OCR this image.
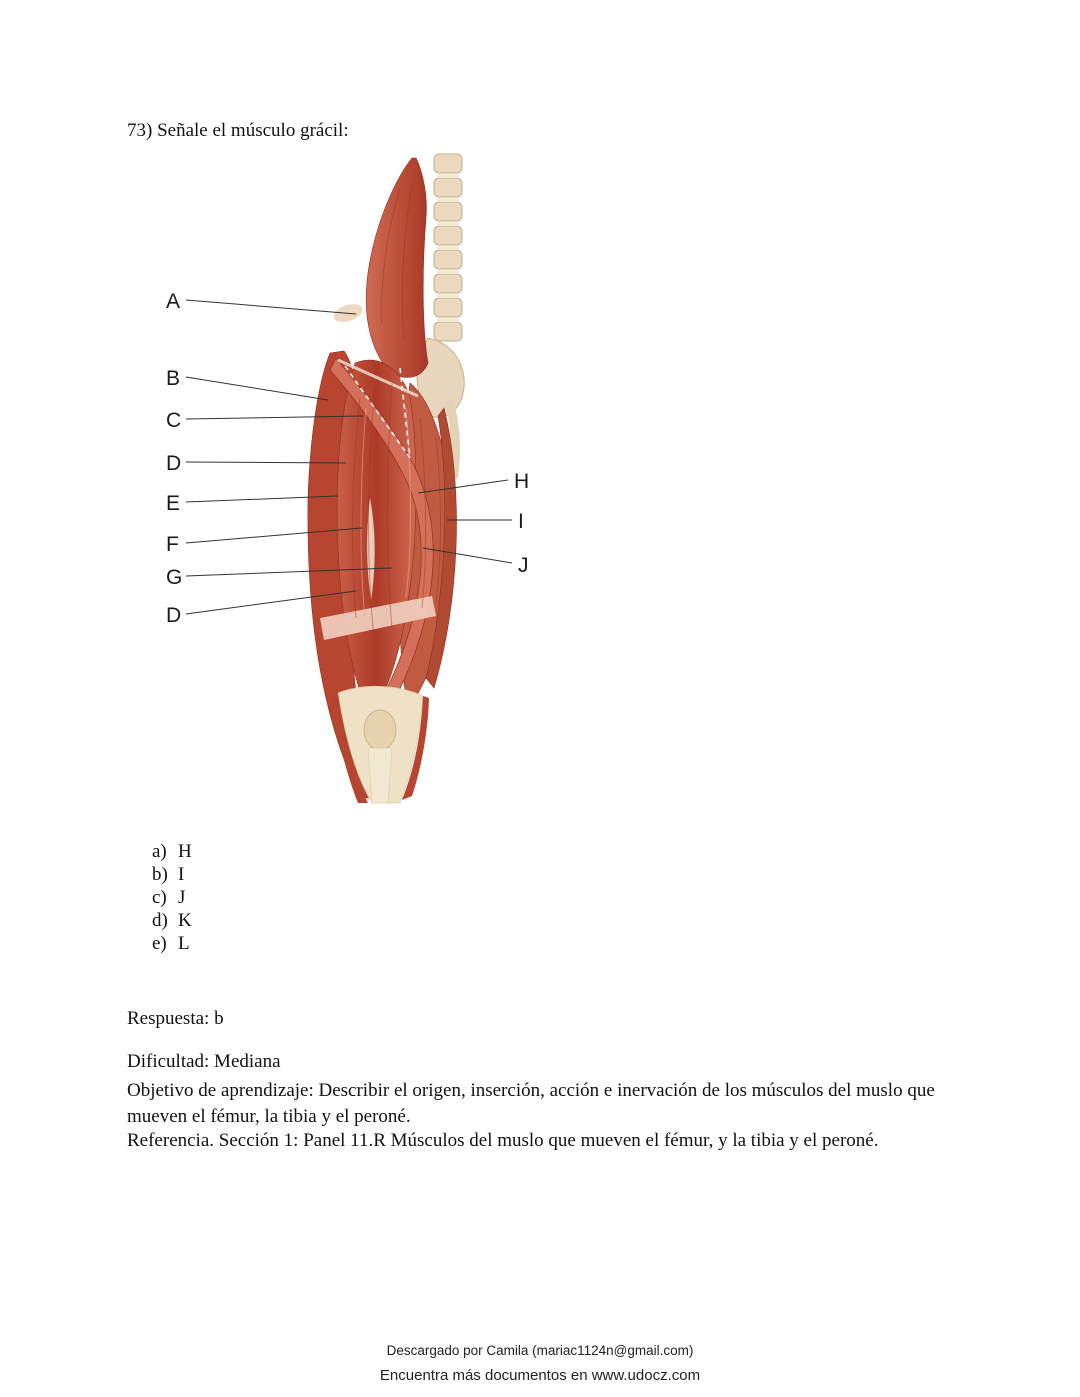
73) Señale el músculo grácil:

A
B
C
D
E
F
G
D
H
I
J
a) H
b) I
c) J
d) K
e) L

Respuesta: b

Dificultad: Mediana

Objetivo de aprendizaje: Describir el origen, inserción, acción e inervación de los músculos del muslo que mueven el fémur, la tibia y el peroné.

Referencia. Sección 1: Panel 11.R Músculos del muslo que mueven el fémur, y la tibia y el peroné.

Descargado por Camila (mariac1124n@gmail.com)

Encuentra más documentos en www.udocz.com
